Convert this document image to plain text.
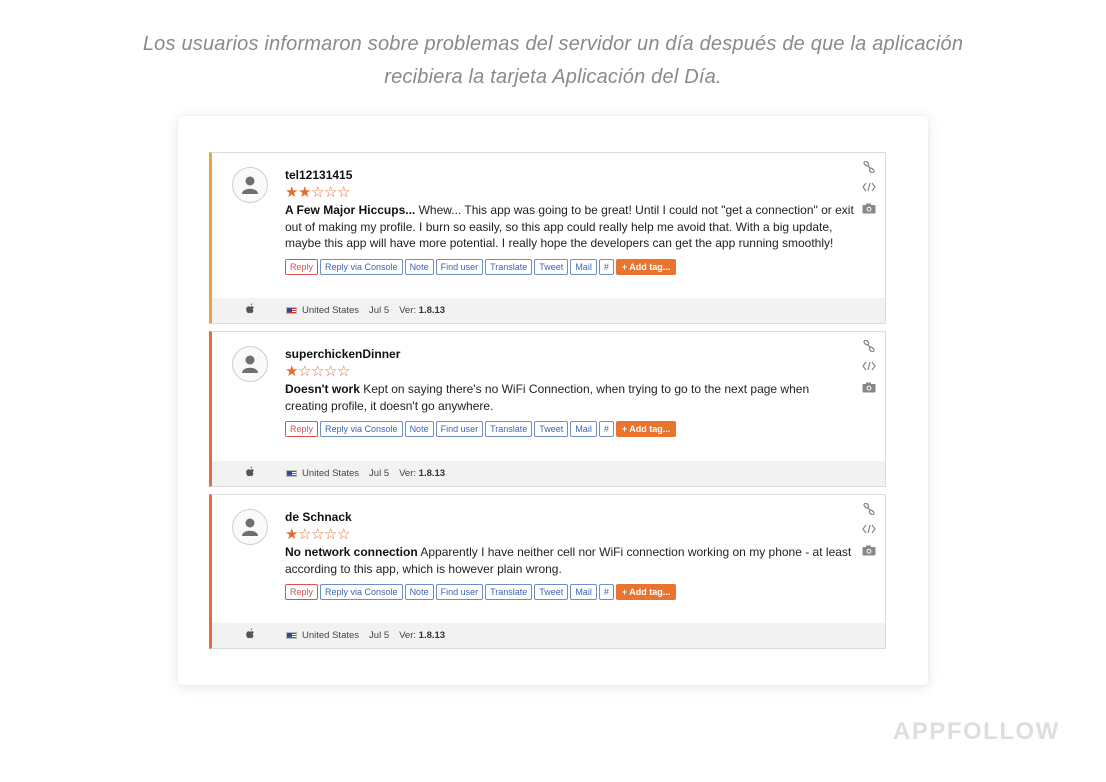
Los usuarios informaron sobre problemas del servidor un día después de que la aplicación recibiera la tarjeta Aplicación del Día.
tel12131415
★ ★ ☆ ☆ ☆
A Few Major Hiccups... Whew... This app was going to be great! Until I could not "get a connection" or exit out of making my profile. I burn so easily, so this app could really help me avoid that. With a big update, maybe this app will have more potential. I really hope the developers can get the app running smoothly!
Reply	Reply via Console	Note	Find user	Translate	Tweet	Mail	#	+ Add tag...
United States Jul 5 Ver: 1.8.13
superchickenDinner
★ ☆ ☆ ☆ ☆
Doesn't work Kept on saying there's no WiFi Connection, when trying to go to the next page when creating profile, it doesn't go anywhere.
Reply	Reply via Console	Note	Find user	Translate	Tweet	Mail	#	+ Add tag...
United States Jul 5 Ver: 1.8.13
de Schnack
★ ☆ ☆ ☆ ☆
No network connection Apparently I have neither cell nor WiFi connection working on my phone - at least according to this app, which is however plain wrong.
Reply	Reply via Console	Note	Find user	Translate	Tweet	Mail	#	+ Add tag...
United States Jul 5 Ver: 1.8.13
APPFOLLOW
